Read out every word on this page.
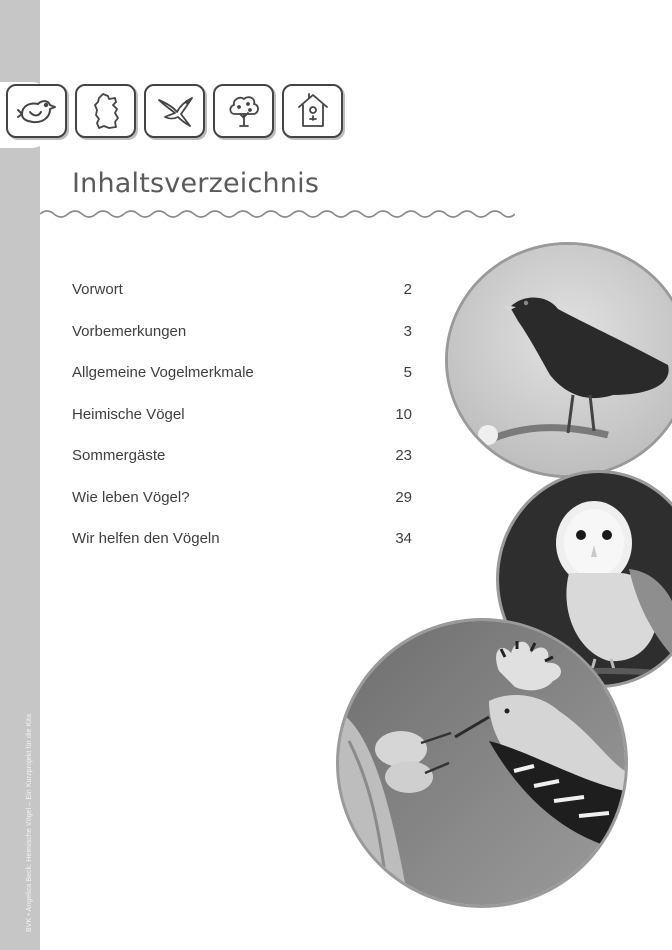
BVK • Angelica Beck: Heimische Vögel – Ein Kurzprojekt für die Kita
Inhaltsverzeichnis
Vorwort	2
Vorbemerkungen	3
Allgemeine Vogelmerkmale	5
Heimische Vögel	10
Sommergäste	23
Wie leben Vögel?	29
Wir helfen den Vögeln	34
